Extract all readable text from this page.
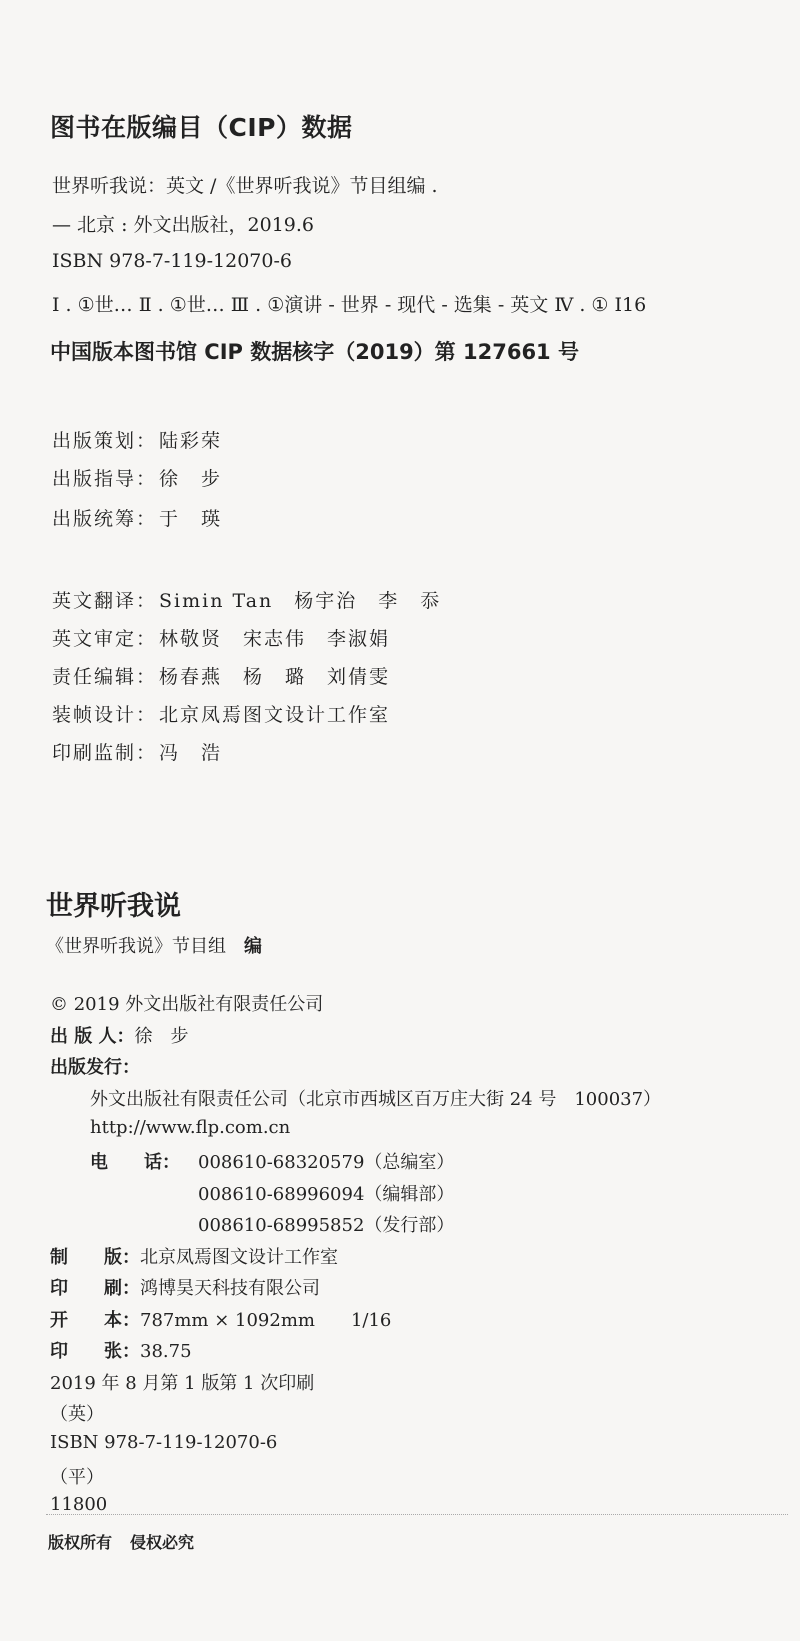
图书在版编目（CIP）数据
世界听我说：英文 /《世界听我说》节目组编 .
— 北京 : 外文出版社，2019.6
ISBN 978-7-119-12070-6
Ⅰ . ①世… Ⅱ . ①世… Ⅲ . ①演讲 - 世界 - 现代 - 选集 - 英文 Ⅳ . ① I16
中国版本图书馆 CIP 数据核字（2019）第 127661 号
出版策划： 陆彩荣
出版指导： 徐　步
出版统筹： 于　瑛
英文翻译： Simin Tan　杨宇治　李　忝
英文审定： 林敬贤　宋志伟　李淑娟
责任编辑： 杨春燕　杨　璐　刘倩雯
装帧设计： 北京凤焉图文设计工作室
印刷监制： 冯　浩
世界听我说
《世界听我说》节目组 编
© 2019 外文出版社有限责任公司
出 版 人：徐　步
出版发行：
外文出版社有限责任公司（北京市西城区百万庄大街 24 号　100037）
http://www.flp.com.cn
电　　话： 008610-68320579（总编室）
008610-68996094（编辑部）
008610-68995852（发行部）
制　　版：北京凤焉图文设计工作室
印　　刷：鸿博昊天科技有限公司
开　　本：787mm × 1092mm　　1/16
印　　张：38.75
2019 年 8 月第 1 版第 1 次印刷
（英）
ISBN 978-7-119-12070-6
（平）
11800
版权所有 侵权必究
